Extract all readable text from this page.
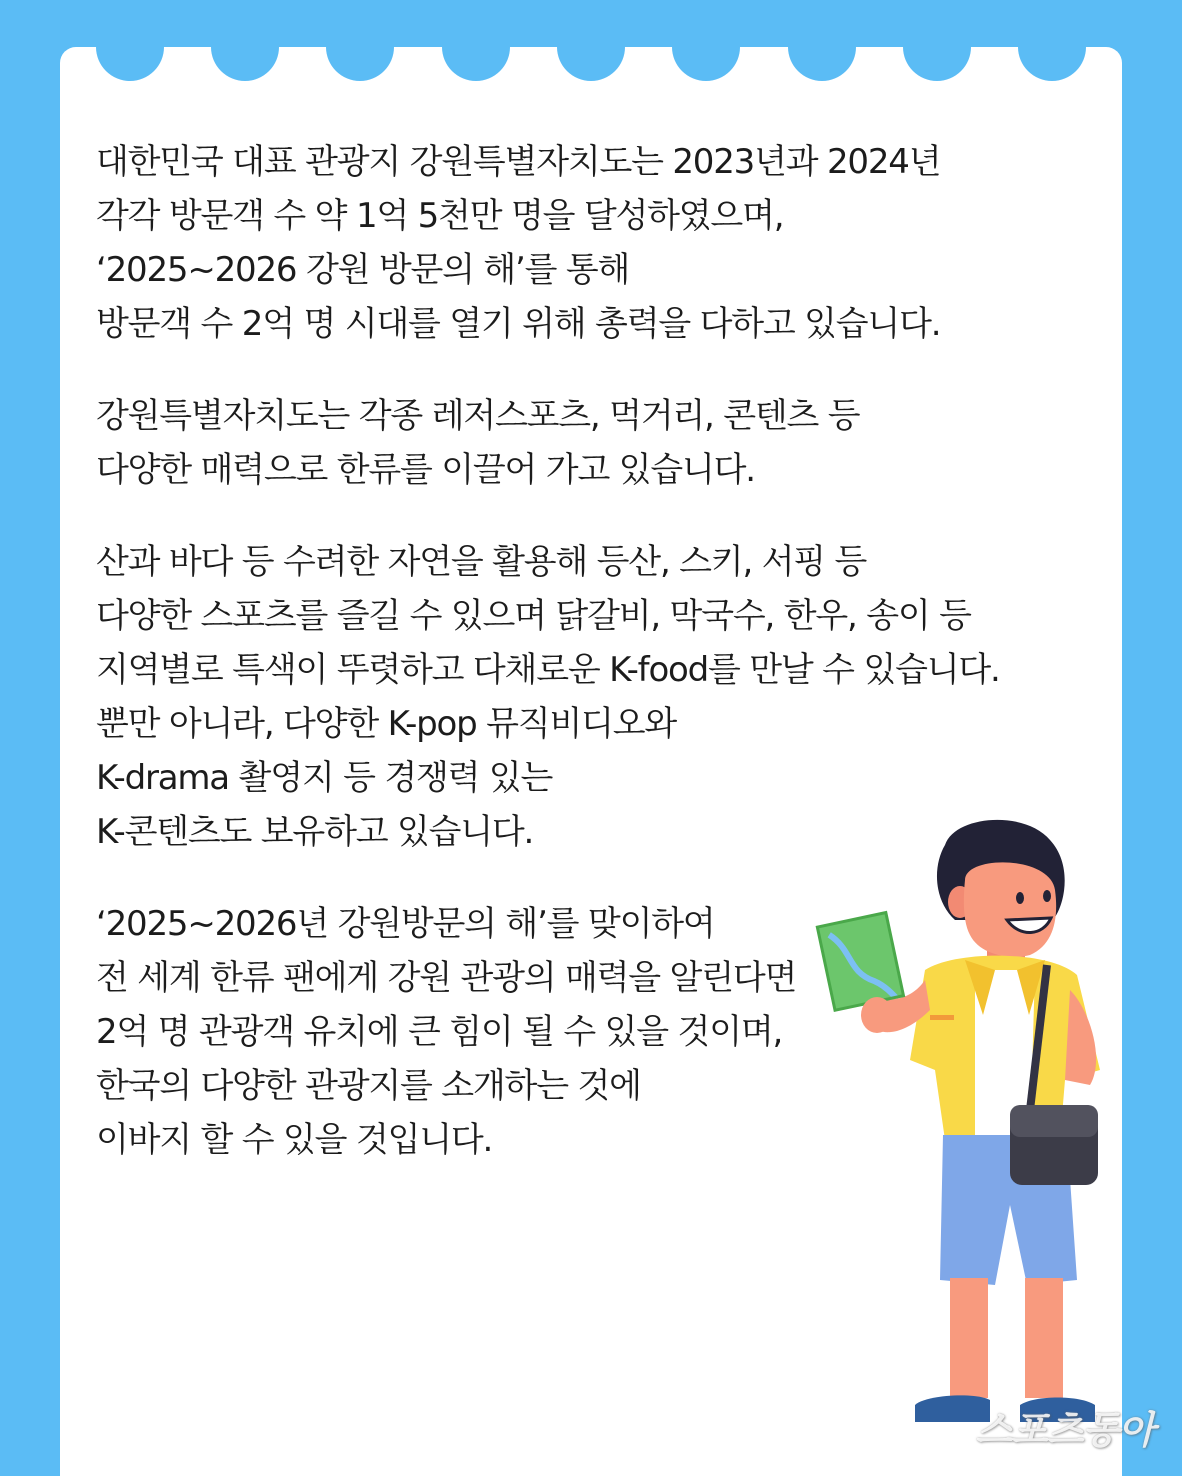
대한민국 대표 관광지 강원특별자치도는 2023년과 2024년
각각 방문객 수 약 1억 5천만 명을 달성하였으며,
‘2025~2026 강원 방문의 해’를 통해
방문객 수 2억 명 시대를 열기 위해 총력을 다하고 있습니다.

강원특별자치도는 각종 레저스포츠, 먹거리, 콘텐츠 등
다양한 매력으로 한류를 이끌어 가고 있습니다.

산과 바다 등 수려한 자연을 활용해 등산, 스키, 서핑 등
다양한 스포츠를 즐길 수 있으며 닭갈비, 막국수, 한우, 송이 등
지역별로 특색이 뚜렷하고 다채로운 K-food를 만날 수 있습니다.
뿐만 아니라, 다양한 K-pop 뮤직비디오와
K-drama 촬영지 등 경쟁력 있는
K-콘텐츠도 보유하고 있습니다.

‘2025~2026년 강원방문의 해’를 맞이하여
전 세계 한류 팬에게 강원 관광의 매력을 알린다면
2억 명 관광객 유치에 큰 힘이 될 수 있을 것이며,
한국의 다양한 관광지를 소개하는 것에
이바지 할 수 있을 것입니다.

스포츠동아
